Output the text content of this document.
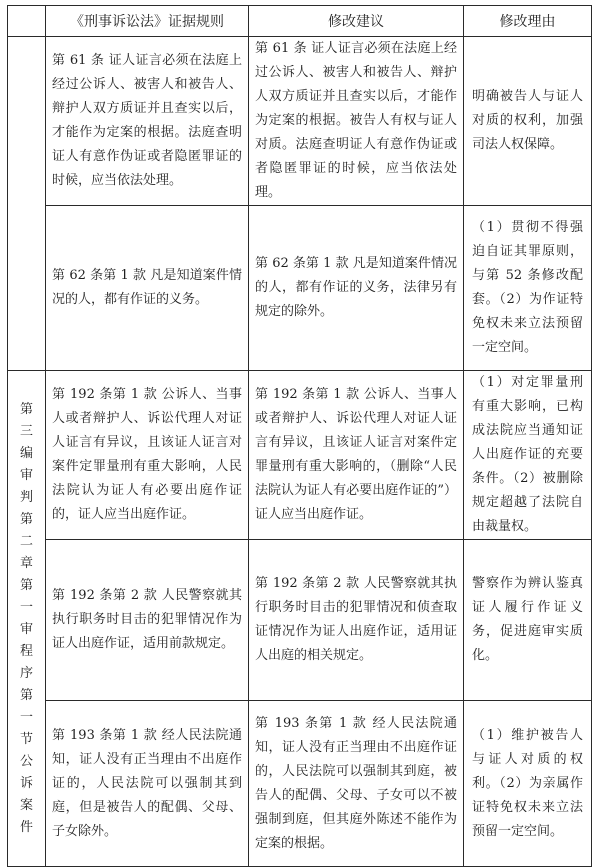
	《刑事诉讼法》证据规则	修改建议	修改理由
	第 61 条 证人证言必须在法庭上经过公诉人、被害人和被告人、辩护人双方质证并且查实以后，才能作为定案的根据。法庭查明证人有意作伪证或者隐匿罪证的时候，应当依法处理。	第 61 条 证人证言必须在法庭上经过公诉人、被害人和被告人、辩护人双方质证并且查实以后，才能作为定案的根据。被告人有权与证人对质。法庭查明证人有意作伪证或者隐匿罪证的时候，应当依法处理。	明确被告人与证人对质的权利，加强司法人权保障。
	第 62 条第 1 款 凡是知道案件情况的人，都有作证的义务。	第 62 条第 1 款 凡是知道案件情况的人，都有作证的义务，法律另有规定的除外。	（1）贯彻不得强迫自证其罪原则，与第 52 条修改配套。（2）为作证特免权未来立法预留一定空间。

第三编审判第二章第一审程序第一节公诉案件	第 192 条第 1 款 公诉人、当事人或者辩护人、诉讼代理人对证人证言有异议，且该证人证言对案件定罪量刑有重大影响，人民法院认为证人有必要出庭作证的，证人应当出庭作证。	第 192 条第 1 款 公诉人、当事人或者辩护人、诉讼代理人对证人证言有异议，且该证人证言对案件定罪量刑有重大影响的，（删除“人民法院认为证人有必要出庭作证的”）证人应当出庭作证。	（1）对定罪量刑有重大影响，已构成法院应当通知证人出庭作证的充要条件。（2）被删除规定超越了法院自由裁量权。
	第 192 条第 2 款 人民警察就其执行职务时目击的犯罪情况作为证人出庭作证，适用前款规定。	第 192 条第 2 款 人民警察就其执行职务时目击的犯罪情况和侦查取证情况作为证人出庭作证，适用证人出庭的相关规定。	警察作为辨认鉴真证人履行作证义务，促进庭审实质化。
	第 193 条第 1 款 经人民法院通知，证人没有正当理由不出庭作证的，人民法院可以强制其到庭，但是被告人的配偶、父母、子女除外。	第 193 条第 1 款 经人民法院通知，证人没有正当理由不出庭作证的，人民法院可以强制其到庭，被告人的配偶、父母、子女可以不被强制到庭，但其庭外陈述不能作为定案的根据。	（1）维护被告人与证人对质的权利。（2）为亲属作证特免权未来立法预留一定空间。
